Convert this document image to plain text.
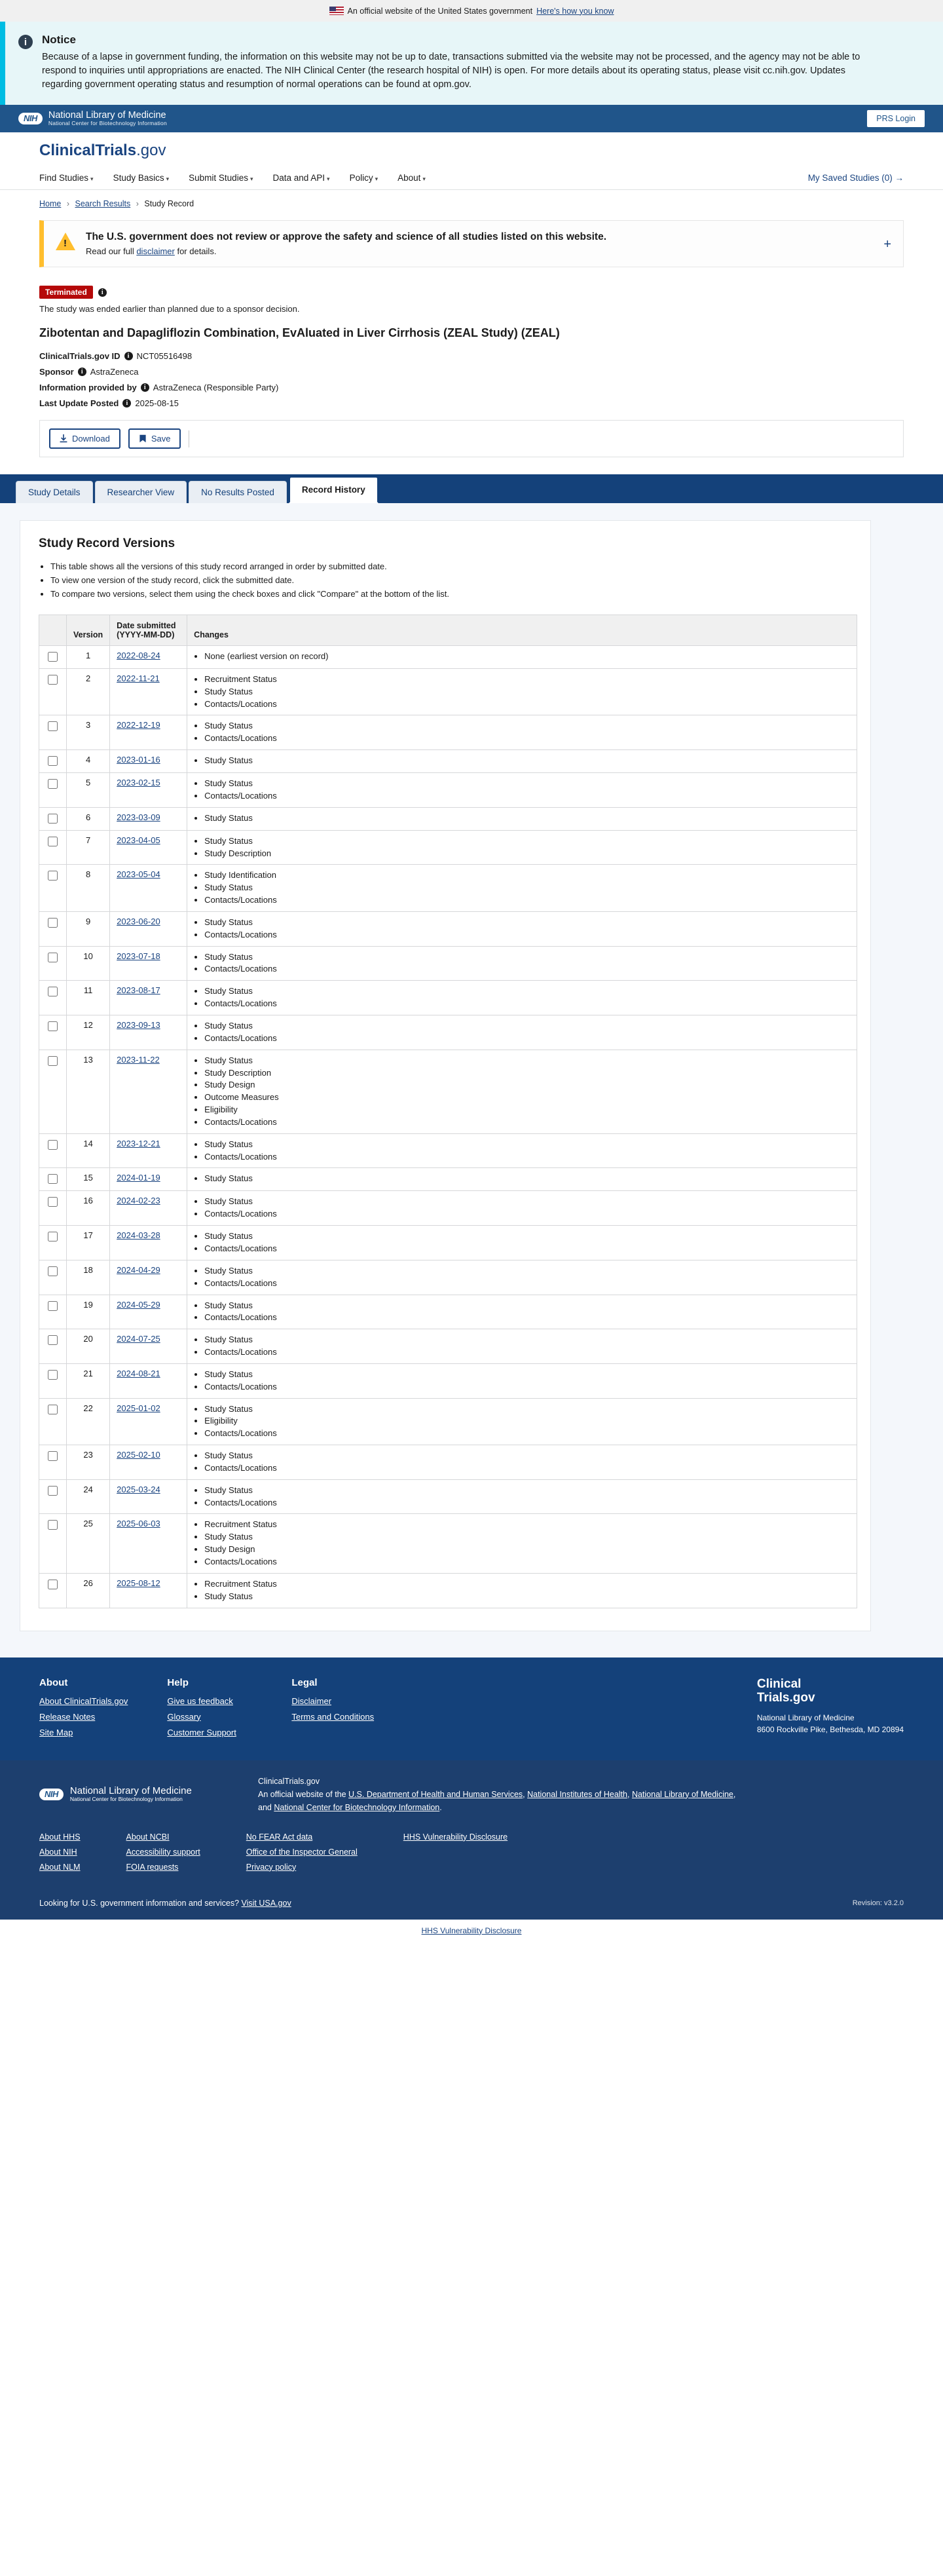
An official website of the United States government Here's how you know
i	Notice

Because of a lapse in government funding, the information on this website may not be up to date, transactions submitted via the website may not be processed, and the agency may not be able to respond to inquiries until appropriations are enacted. The NIH Clinical Center (the research hospital of NIH) is open. For more details about its operating status, please visit cc.nih.gov. Updates regarding government operating status and resumption of normal operations can be found at opm.gov.

NIH	National Library of Medicine
National Center for Biotechnology Information
PRS Login
ClinicalTrials.gov
Find Studies ▾ Study Basics ▾ Submit Studies ▾ Data and API ▾ Policy ▾ About ▾	My Saved Studies (0) →
Home › Search Results › Study Record
!
The U.S. government does not review or approve the safety and science of all studies listed on this website.
Read our full disclaimer for details.	+
Terminated	i
The study was ended earlier than planned due to a sponsor decision.
Zibotentan and Dapagliflozin Combination, EvAluated in Liver Cirrhosis (ZEAL Study) (ZEAL)
ClinicalTrials.gov ID	i NCT05516498
Sponsor	i AstraZeneca
Information provided by	i AstraZeneca (Responsible Party)
Last Update Posted	i 2025-08-15
Download	Save
Study Details	Researcher View	No Results Posted	Record History
Study Record Versions
• This table shows all the versions of this study record arranged in order by submitted date.
• To view one version of the study record, click the submitted date.
• To compare two versions, select them using the check boxes and click "Compare" at the bottom of the list.
	Version	Date submitted (YYYY-MM-DD)	Changes
	1	2022-08-24	
•None (earliest version on record)

	2	2022-11-21	
•Recruitment Status
• Study Status
• Contacts/Locations

	3	2022-12-19	
•Study Status
• Contacts/Locations

	4	2023-01-16	
•Study Status

	5	2023-02-15	
•Study Status
• Contacts/Locations

	6	2023-03-09	
•Study Status

	7	2023-04-05	
•Study Status
• Study Description

	8	2023-05-04	
•Study Identification
• Study Status
• Contacts/Locations

	9	2023-06-20	
•Study Status
• Contacts/Locations

	10	2023-07-18	
•Study Status
• Contacts/Locations

	11	2023-08-17	
•Study Status
• Contacts/Locations

	12	2023-09-13	
•Study Status
• Contacts/Locations

	13	2023-11-22	
•Study Status
• Study Description
• Study Design
• Outcome Measures
• Eligibility
• Contacts/Locations

	14	2023-12-21	
•Study Status
• Contacts/Locations

	15	2024-01-19	
•Study Status

	16	2024-02-23	
•Study Status
• Contacts/Locations

	17	2024-03-28	
•Study Status
• Contacts/Locations

	18	2024-04-29	
•Study Status
• Contacts/Locations

	19	2024-05-29	
•Study Status
• Contacts/Locations

	20	2024-07-25	
•Study Status
• Contacts/Locations

	21	2024-08-21	
•Study Status
• Contacts/Locations

	22	2025-01-02	
•Study Status
• Eligibility
• Contacts/Locations

	23	2025-02-10	
•Study Status
• Contacts/Locations

	24	2025-03-24	
•Study Status
• Contacts/Locations

	25	2025-06-03	
•Recruitment Status
• Study Status
• Study Design
• Contacts/Locations

	26	2025-08-12	
•Recruitment Status
• Study Status
About
About ClinicalTrials.gov
Release Notes
Site Map
Help
Give us feedback
Glossary
Customer Support
Legal
Disclaimer
Terms and Conditions
Clinical
Trials.gov
National Library of Medicine
8600 Rockville Pike, Bethesda, MD 20894
NIH	National Library of Medicine
National Center for Biotechnology Information
ClinicalTrials.gov
An official website of the U.S. Department of Health and Human Services, National Institutes of Health, National Library of Medicine, and National Center for Biotechnology Information.
About HHS
About NIH
About NLM
About NCBI
Accessibility support
FOIA requests
No FEAR Act data
Office of the Inspector General
Privacy policy
HHS Vulnerability Disclosure
Looking for U.S. government information and services? Visit USA.gov	Revision: v3.2.0
HHS Vulnerability Disclosure
